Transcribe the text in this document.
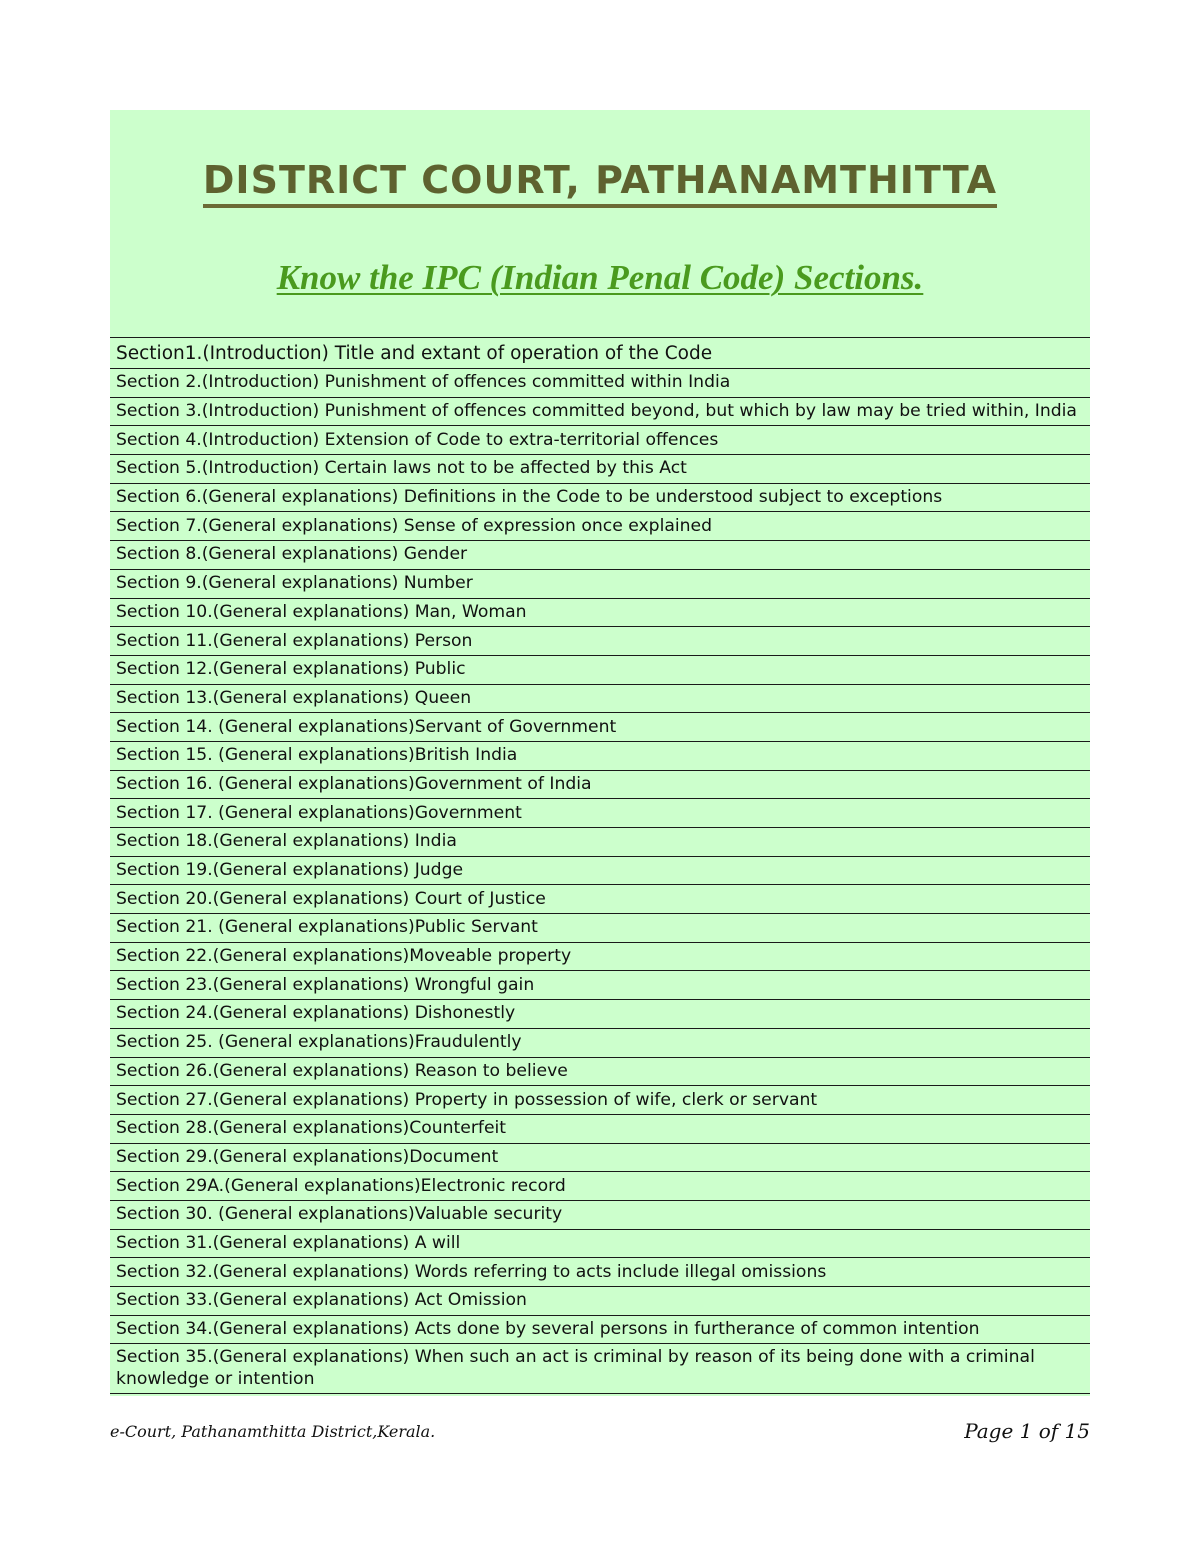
DISTRICT COURT, PATHANAMTHITTA
Know the IPC (Indian Penal Code) Sections.
Section1.(Introduction) Title and extant of operation of the Code
Section 2.(Introduction) Punishment of offences committed within India
Section 3.(Introduction) Punishment of offences committed beyond, but which by law may be tried within, India
Section 4.(Introduction) Extension of Code to extra-territorial offences
Section 5.(Introduction) Certain laws not to be affected by this Act
Section 6.(General explanations) Definitions in the Code to be understood subject to exceptions
Section 7.(General explanations) Sense of expression once explained
Section 8.(General explanations) Gender
Section 9.(General explanations) Number
Section 10.(General explanations) Man, Woman
Section 11.(General explanations) Person
Section 12.(General explanations) Public
Section 13.(General explanations) Queen
Section 14. (General explanations)Servant of Government
Section 15. (General explanations)British India
Section 16. (General explanations)Government of India
Section 17. (General explanations)Government
Section 18.(General explanations) India
Section 19.(General explanations) Judge
Section 20.(General explanations) Court of Justice
Section 21. (General explanations)Public Servant
Section 22.(General explanations)Moveable property
Section 23.(General explanations) Wrongful gain
Section 24.(General explanations) Dishonestly
Section 25. (General explanations)Fraudulently
Section 26.(General explanations) Reason to believe
Section 27.(General explanations) Property in possession of wife, clerk or servant
Section 28.(General explanations)Counterfeit
Section 29.(General explanations)Document
Section 29A.(General explanations)Electronic record
Section 30. (General explanations)Valuable security
Section 31.(General explanations) A will
Section 32.(General explanations) Words referring to acts include illegal omissions
Section 33.(General explanations) Act Omission
Section 34.(General explanations) Acts done by several persons in furtherance of common intention
Section 35.(General explanations) When such an act is criminal by reason of its being done with a criminal knowledge or intention
e-Court, Pathanamthitta District,Kerala.	Page 1 of 15
